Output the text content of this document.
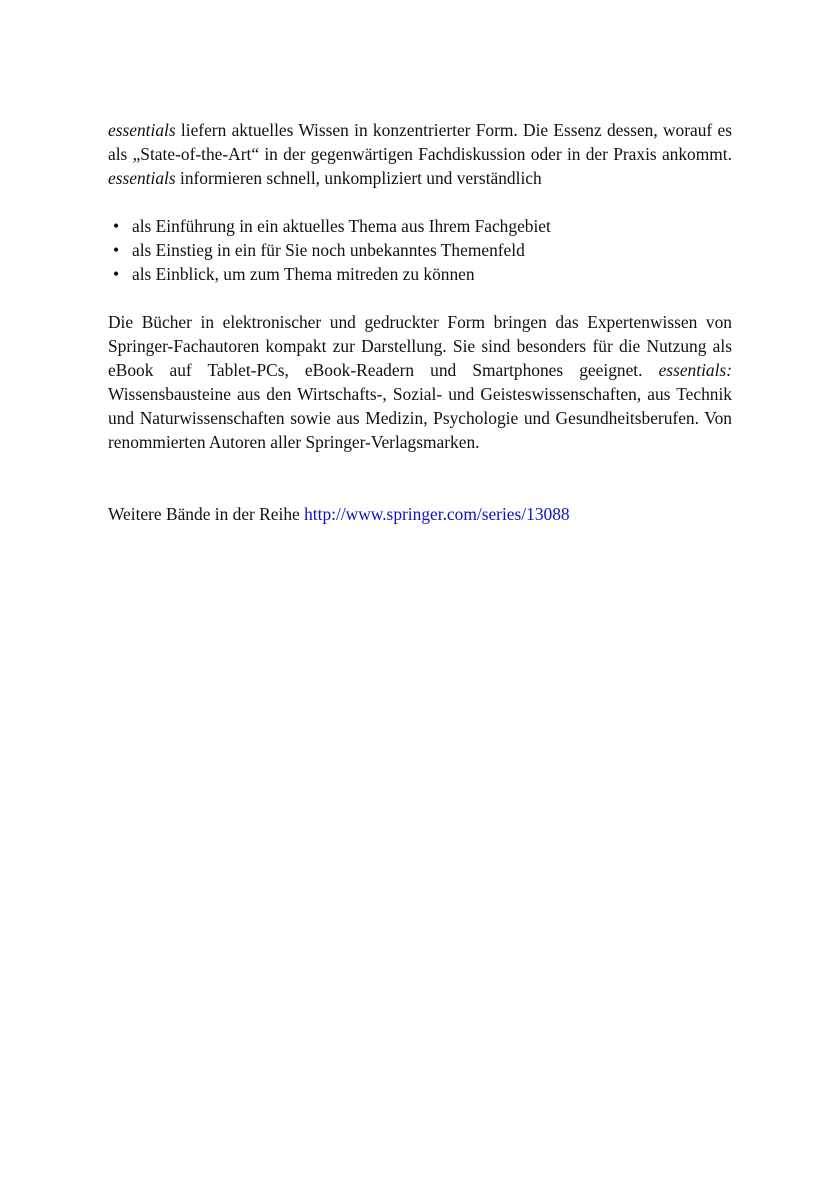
essentials liefern aktuelles Wissen in konzentrierter Form. Die Essenz dessen, worauf es als „State-of-the-Art“ in der gegenwärtigen Fachdiskussion oder in der Praxis ankommt. essentials informieren schnell, unkompliziert und verständlich

• als Einführung in ein aktuelles Thema aus Ihrem Fachgebiet
• als Einstieg in ein für Sie noch unbekanntes Themenfeld
• als Einblick, um zum Thema mitreden zu können

Die Bücher in elektronischer und gedruckter Form bringen das Expertenwissen von Springer-Fachautoren kompakt zur Darstellung. Sie sind besonders für die Nutzung als eBook auf Tablet-PCs, eBook-Readern und Smartphones geeignet. essentials: Wissensbausteine aus den Wirtschafts-, Sozial- und Geisteswissenschaften, aus Technik und Naturwissenschaften sowie aus Medizin, Psychologie und Gesundheitsberufen. Von renommierten Autoren aller Springer-Verlagsmarken.

Weitere Bände in der Reihe http://www.springer.com/series/13088
